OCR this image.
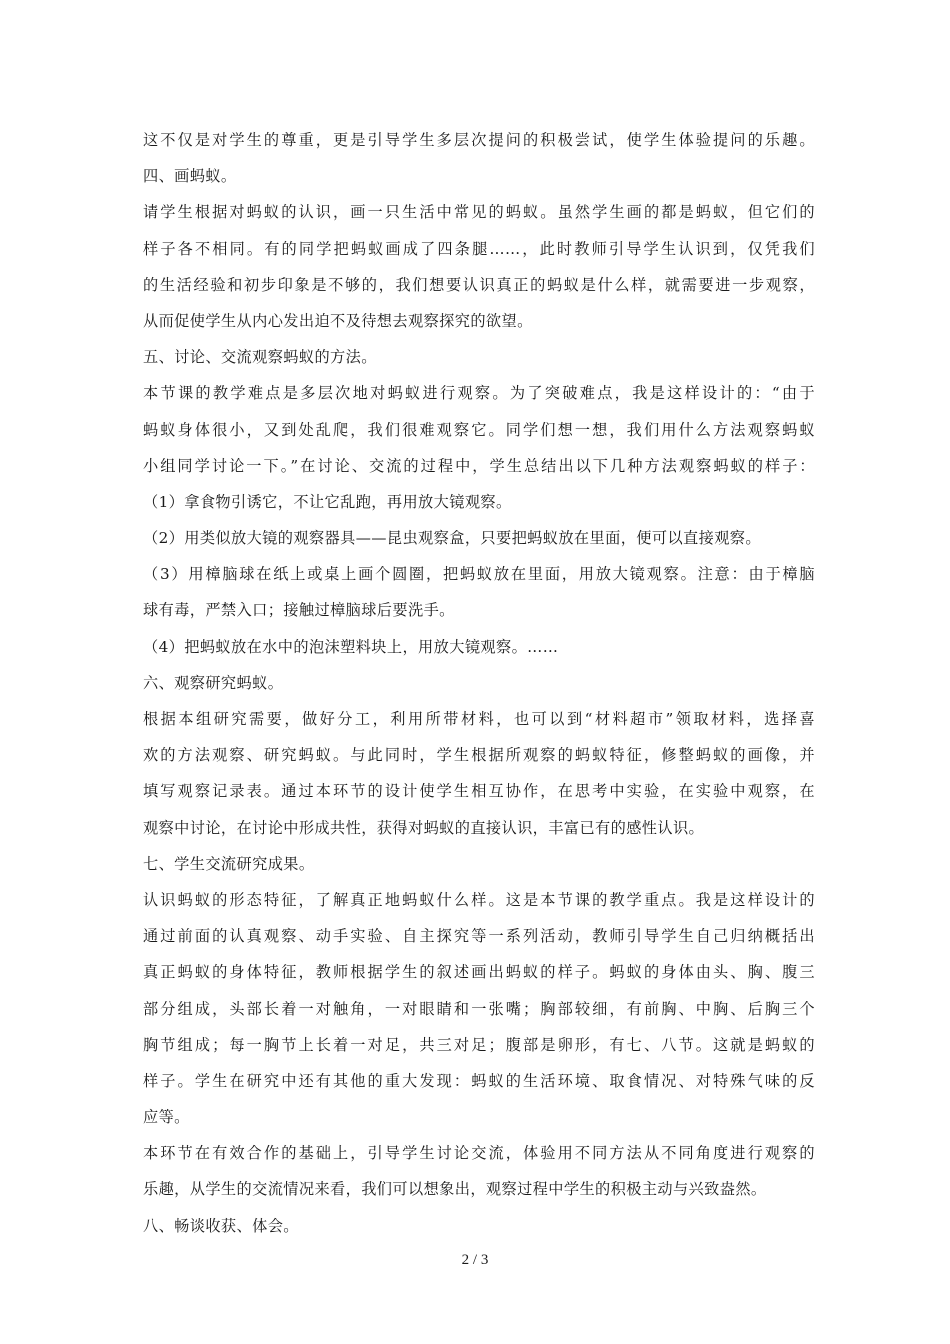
这不仅是对学生的尊重，更是引导学生多层次提问的积极尝试，使学生体验提问的乐趣。
四、画蚂蚁。
请学生根据对蚂蚁的认识，画一只生活中常见的蚂蚁。虽然学生画的都是蚂蚁，但它们的
样子各不相同。有的同学把蚂蚁画成了四条腿……，此时教师引导学生认识到，仅凭我们
的生活经验和初步印象是不够的，我们想要认识真正的蚂蚁是什么样，就需要进一步观察，
从而促使学生从内心发出迫不及待想去观察探究的欲望。
五、讨论、交流观察蚂蚁的方法。
本节课的教学难点是多层次地对蚂蚁进行观察。为了突破难点，我是这样设计的：“由于
蚂蚁身体很小，又到处乱爬，我们很难观察它。同学们想一想，我们用什么方法观察蚂蚁
小组同学讨论一下。”在讨论、交流的过程中，学生总结出以下几种方法观察蚂蚁的样子：
（1）拿食物引诱它，不让它乱跑，再用放大镜观察。
（2）用类似放大镜的观察器具——昆虫观察盒，只要把蚂蚁放在里面，便可以直接观察。
（3）用樟脑球在纸上或桌上画个圆圈，把蚂蚁放在里面，用放大镜观察。注意：由于樟脑
球有毒，严禁入口；接触过樟脑球后要洗手。
（4）把蚂蚁放在水中的泡沫塑料块上，用放大镜观察。……
六、观察研究蚂蚁。
根据本组研究需要，做好分工，利用所带材料，也可以到“材料超市”领取材料，选择喜
欢的方法观察、研究蚂蚁。与此同时，学生根据所观察的蚂蚁特征，修整蚂蚁的画像，并
填写观察记录表。通过本环节的设计使学生相互协作，在思考中实验，在实验中观察，在
观察中讨论，在讨论中形成共性，获得对蚂蚁的直接认识，丰富已有的感性认识。
七、学生交流研究成果。
认识蚂蚁的形态特征，了解真正地蚂蚁什么样。这是本节课的教学重点。我是这样设计的
通过前面的认真观察、动手实验、自主探究等一系列活动，教师引导学生自己归纳概括出
真正蚂蚁的身体特征，教师根据学生的叙述画出蚂蚁的样子。蚂蚁的身体由头、胸、腹三
部分组成，头部长着一对触角，一对眼睛和一张嘴；胸部较细，有前胸、中胸、后胸三个
胸节组成；每一胸节上长着一对足，共三对足；腹部是卵形，有七、八节。这就是蚂蚁的
样子。学生在研究中还有其他的重大发现：蚂蚁的生活环境、取食情况、对特殊气味的反
应等。
本环节在有效合作的基础上，引导学生讨论交流，体验用不同方法从不同角度进行观察的
乐趣，从学生的交流情况来看，我们可以想象出，观察过程中学生的积极主动与兴致盎然。
八、畅谈收获、体会。
2 / 3
